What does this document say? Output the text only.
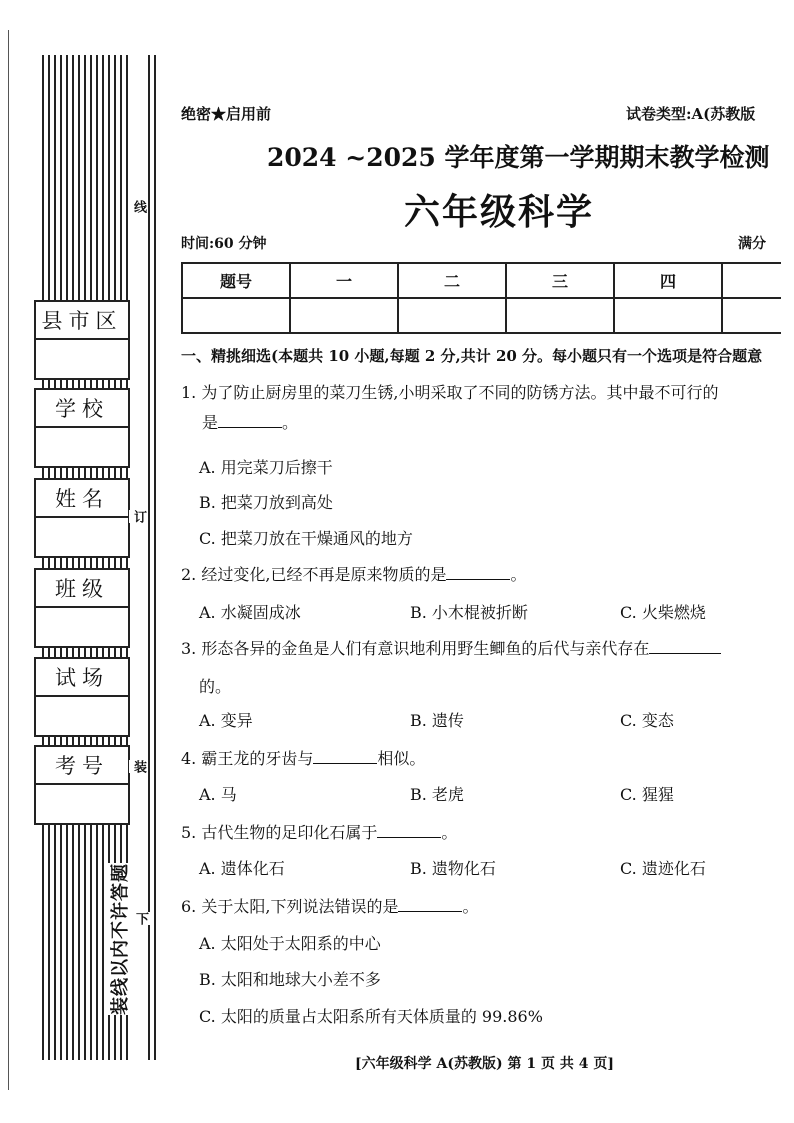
县市区
学校
姓名
班级
试场
考号
线
订
装
装线以内不许答题 下
绝密★启用前	试卷类型:A(苏教版
2024 ~2025 学年度第一学期期末教学检测
六年级科学
时间:60 分钟	满分
题号	一	二	三	四	

一、精挑细选(本题共 10 小题,每题 2 分,共计 20 分。每小题只有一个选项是符合题意
1. 为了防止厨房里的菜刀生锈,小明采取了不同的防锈方法。其中最不可行的
是	。
A. 用完菜刀后擦干
B. 把菜刀放到高处
C. 把菜刀放在干燥通风的地方
2. 经过变化,已经不再是原来物质的是	。
A. 水凝固成冰	B. 小木棍被折断	C. 火柴燃烧
3. 形态各异的金鱼是人们有意识地利用野生鲫鱼的后代与亲代存在
的。
A. 变异	B. 遗传	C. 变态
4. 霸王龙的牙齿与	相似。
A. 马	B. 老虎	C. 猩猩
5. 古代生物的足印化石属于	。
A. 遗体化石	B. 遗物化石	C. 遗迹化石
6. 关于太阳,下列说法错误的是	。
A. 太阳处于太阳系的中心
B. 太阳和地球大小差不多
C. 太阳的质量占太阳系所有天体质量的 99.86%
[六年级科学 A(苏教版) 第 1 页 共 4 页]
